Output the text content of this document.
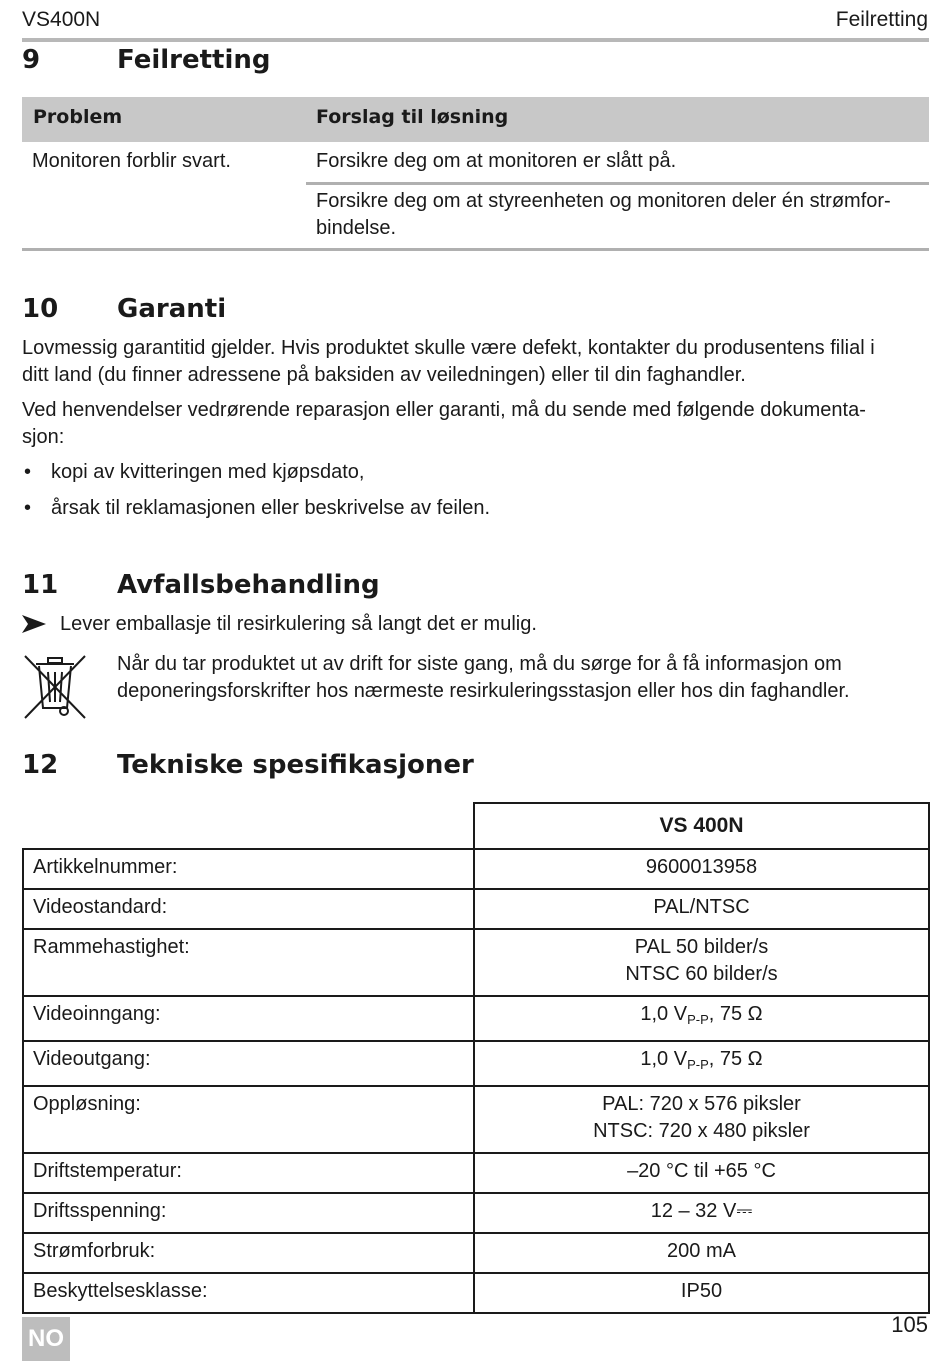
VS400N	Feilretting
9	Feilretting
Problem	Forslag til løsning
Monitoren forblir svart.	Forsikre deg om at monitoren er slått på.
Forsikre deg om at styreenheten og monitoren deler én strømfor-
bindelse.
10 Garanti
Lovmessig garantitid gjelder. Hvis produktet skulle være defekt, kontakter du produsentens filial i
ditt land (du finner adressene på baksiden av veiledningen) eller til din faghandler.
Ved henvendelser vedrørende reparasjon eller garanti, må du sende med følgende dokumenta-
sjon:
• kopi av kvitteringen med kjøpsdato,
• årsak til reklamasjonen eller beskrivelse av feilen.
11 Avfallsbehandling
Lever emballasje til resirkulering så langt det er mulig.
Når du tar produktet ut av drift for siste gang, må du sørge for å få informasjon om
deponeringsforskrifter hos nærmeste resirkuleringsstasjon eller hos din faghandler.
12 Tekniske spesifikasjoner
	VS 400N
Artikkelnummer:	9600013958
Videostandard:	PAL/NTSC
Rammehastighet:	PAL 50 bilder/s
NTSC 60 bilder/s

Videoinngang:	1,0 $V_{P-P}$, 75 Ω
Videoutgang:	1,0 $V_{P-P}$, 75 Ω
Oppløsning:	PAL: 720 x 576 piksler
NTSC: 720 x 480 piksler

Driftstemperatur:	–20 °C til +65 °C
Driftsspenning:	12 – 32 V⎓
Strømforbruk:	200 mA
Beskyttelsesklasse:	IP50
NO
105
